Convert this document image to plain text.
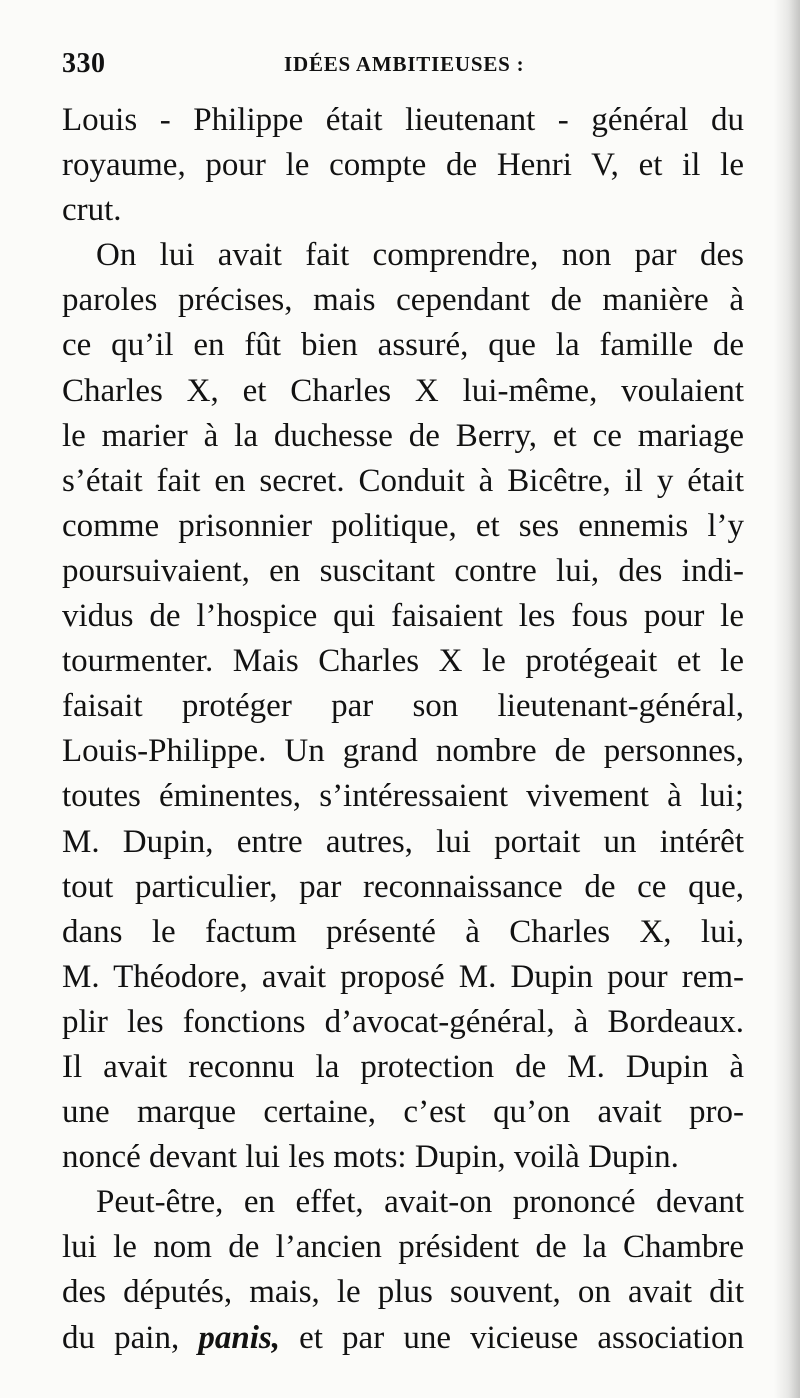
330	IDÉES AMBITIEUSES :

Louis - Philippe était lieutenant - général du
royaume, pour le compte de Henri V, et il le
crut.

On lui avait fait comprendre, non par des
paroles précises, mais cependant de manière à
ce qu’il en fût bien assuré, que la famille de
Charles X, et Charles X lui-même, voulaient
le marier à la duchesse de Berry, et ce mariage
s’était fait en secret. Conduit à Bicêtre, il y était
comme prisonnier politique, et ses ennemis l’y
poursuivaient, en suscitant contre lui, des indi-
vidus de l’hospice qui faisaient les fous pour le
tourmenter. Mais Charles X le protégeait et le
faisait protéger par son lieutenant-général,
Louis-Philippe. Un grand nombre de personnes,
toutes éminentes, s’intéressaient vivement à lui;
M. Dupin, entre autres, lui portait un intérêt
tout particulier, par reconnaissance de ce que,
dans le factum présenté à Charles X, lui,
M. Théodore, avait proposé M. Dupin pour rem-
plir les fonctions d’avocat-général, à Bordeaux.
Il avait reconnu la protection de M. Dupin à
une marque certaine, c’est qu’on avait pro-
noncé devant lui les mots: Dupin, voilà Dupin.

Peut-être, en effet, avait-on prononcé devant
lui le nom de l’ancien président de la Chambre
des députés, mais, le plus souvent, on avait dit
du pain, panis, et par une vicieuse association
